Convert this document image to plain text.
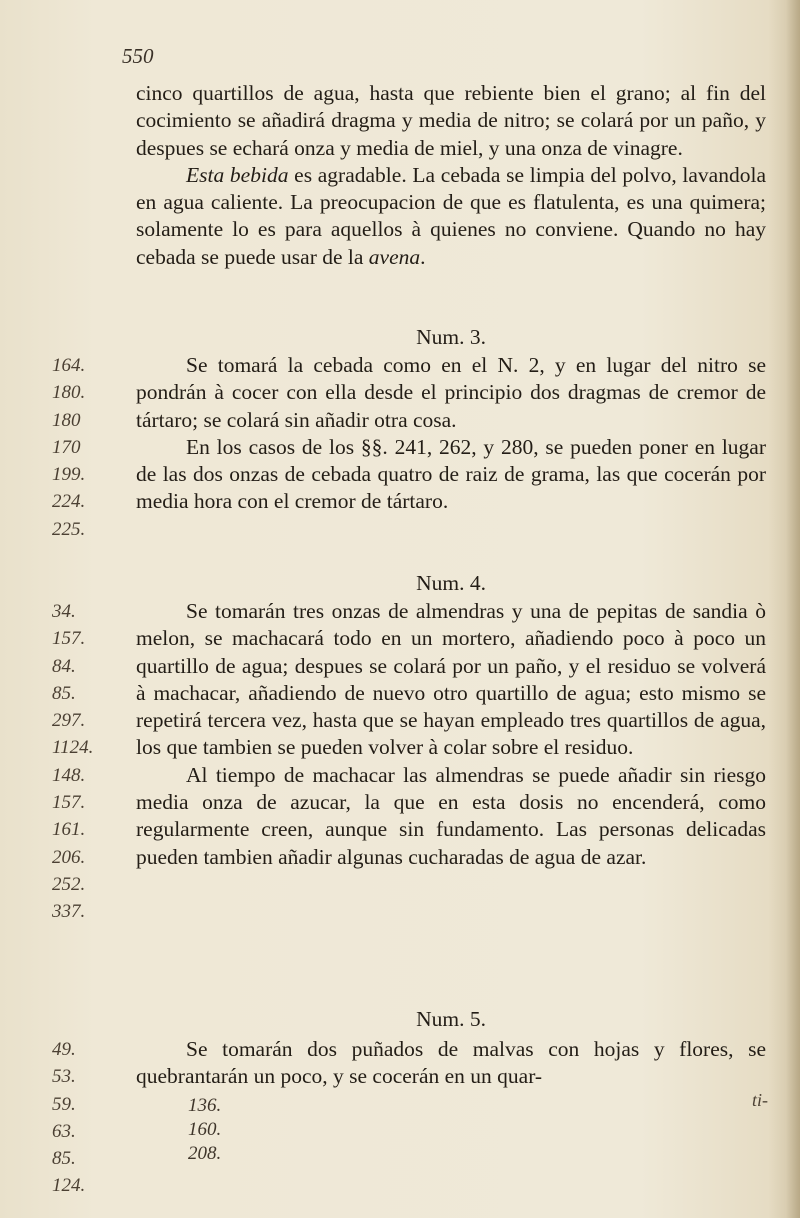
550

cinco quartillos de agua, hasta que rebiente bien el grano; al fin del cocimiento se añadirá dragma y media de nitro; se colará por un paño, y despues se echará onza y media de miel, y una onza de vinagre.

Esta bebida es agradable. La cebada se limpia del polvo, lavandola en agua caliente. La preocupacion de que es flatulenta, es una quimera; solamente lo es para aquellos à quienes no conviene. Quando no hay cebada se puede usar de la avena.

Num. 3.

Se tomará la cebada como en el N. 2, y en lugar del nitro se pondrán à cocer con ella desde el principio dos dragmas de cremor de tártaro; se colará sin añadir otra cosa.

En los casos de los §§. 241, 262, y 280, se pueden poner en lugar de las dos onzas de cebada quatro de raiz de grama, las que cocerán por media hora con el cremor de tártaro.

Num. 4.

Se tomarán tres onzas de almendras y una de pepitas de sandia ò melon, se machacará todo en un mortero, añadiendo poco à poco un quartillo de agua; despues se colará por un paño, y el residuo se volverá à machacar, añadiendo de nuevo otro quartillo de agua; esto mismo se repetirá tercera vez, hasta que se hayan empleado tres quartillos de agua, los que tambien se pueden volver à colar sobre el residuo.

Al tiempo de machacar las almendras se puede añadir sin riesgo media onza de azucar, la que en esta dosis no encenderá, como regularmente creen, aunque sin fundamento. Las personas delicadas pueden tambien añadir algunas cucharadas de agua de azar.

Num. 5.

Se tomarán dos puñados de malvas con hojas y flores, se quebrantarán un poco, y se cocerán en un quar-

ti-
164.
180.
180
170
199.
224.
225.
34.
157.
84.
85.
297.
1124.
148.
157.
161.
206.
252.
337.
49.
53.
59.
63.
85.
124.
136.
160.
208.
